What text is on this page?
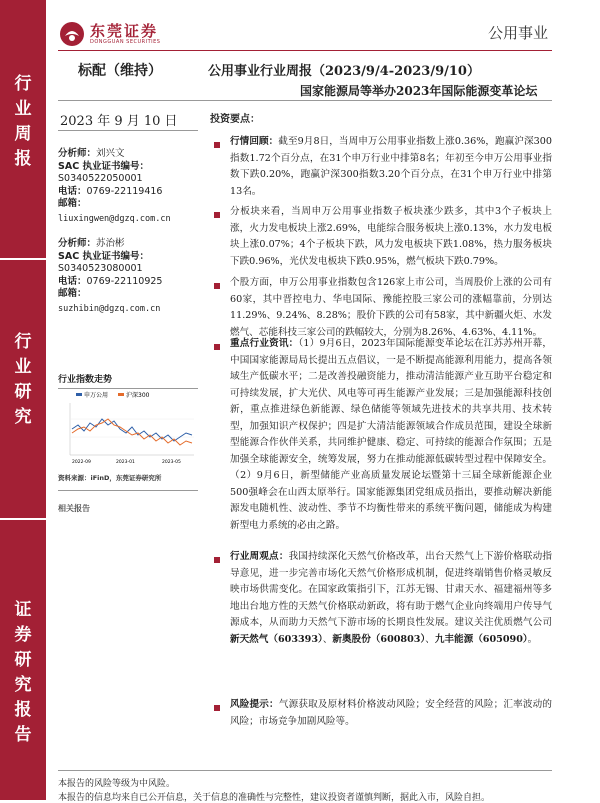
行
业
周
报
行
业
研
究
证
券
研
究
报
告
东莞证券
DONGGUAN SECURITIES	公用事业
标配（维持）	公用事业行业周报（2023/9/4-2023/9/10）
国家能源局等举办2023年国际能源变革论坛
2023 年 9 月 10 日
分析师：刘兴文
SAC 执业证书编号：
S0340522050001
电话：0769-22119416
邮箱：
liuxingwen@dgzq.com.cn
分析师：苏治彬
SAC 执业证书编号：
S0340523080001
电话：0769-22110925
邮箱：
suzhibin@dgzq.com.cn
行业指数走势
申万公用	沪深300
2022-09	2023-01	2023-05
资料来源：iFinD，东莞证券研究所
相关报告
投资要点：
行情回顾：截至9月8日，当周申万公用事业指数上涨0.36%，跑赢沪深300指数1.72个百分点，在31个申万行业中排第8名；年初至今申万公用事业指数下跌0.20%，跑赢沪深300指数3.20个百分点，在31个申万行业中排第13名。
分板块来看，当周申万公用事业指数子板块涨少跌多，其中3个子板块上涨，火力发电板块上涨2.69%，电能综合服务板块上涨0.13%，水力发电板块上涨0.07%；4个子板块下跌，风力发电板块下跌1.08%，热力服务板块下跌0.96%，光伏发电板块下跌0.95%，燃气板块下跌0.79%。
个股方面，申万公用事业指数包含126家上市公司，当周股价上涨的公司有60家，其中晋控电力、华电国际、豫能控股三家公司的涨幅靠前，分别达11.29%、9.24%、8.28%；股价下跌的公司有58家，其中新疆火炬、水发燃气、芯能科技三家公司的跌幅较大，分别为8.26%、4.63%、4.11%。
重点行业资讯：（1）9月6日，2023年国际能源变革论坛在江苏苏州开幕，中国国家能源局局长提出五点倡议，一是不断提高能源利用能力，提高各领域生产低碳水平；二是改善投融资能力，推动清洁能源产业互助平台稳定和可持续发展，扩大光伏、风电等可再生能源产业发展；三是加强能源科技创新，重点推进绿色新能源、绿色储能等领域先进技术的共享共用、技术转型，加强知识产权保护；四是扩大清洁能源领域合作成员范围，建设全球新型能源合作伙伴关系，共同维护健康、稳定、可持续的能源合作氛围；五是加强全球能源安全，统筹发展，努力在推动能源低碳转型过程中保障安全。（2）9月6日，新型储能产业高质量发展论坛暨第十三届全球新能源企业500强峰会在山西太原举行。国家能源集团党组成员指出，要推动解决新能源发电随机性、波动性、季节不均衡性带来的系统平衡问题，储能成为构建新型电力系统的必由之路。
行业周观点：我国持续深化天然气价格改革，出台天然气上下游价格联动指导意见，进一步完善市场化天然气价格形成机制，促进终端销售价格灵敏反映市场供需变化。在国家政策指引下，江苏无锡、甘肃天水、福建福州等多地出台地方性的天然气价格联动新政，将有助于燃气企业向终端用户传导气源成本，从而助力天然气下游市场的长期良性发展。建议关注优质燃气公司新天然气（603393）、新奥股份（600803）、九丰能源（605090）。
风险提示：气源获取及原材料价格波动风险；安全经营的风险；汇率波动的风险；市场竞争加剧风险等。
本报告的风险等级为中风险。
本报告的信息均来自已公开信息，关于信息的准确性与完整性，建议投资者谨慎判断，据此入市，风险自担。
